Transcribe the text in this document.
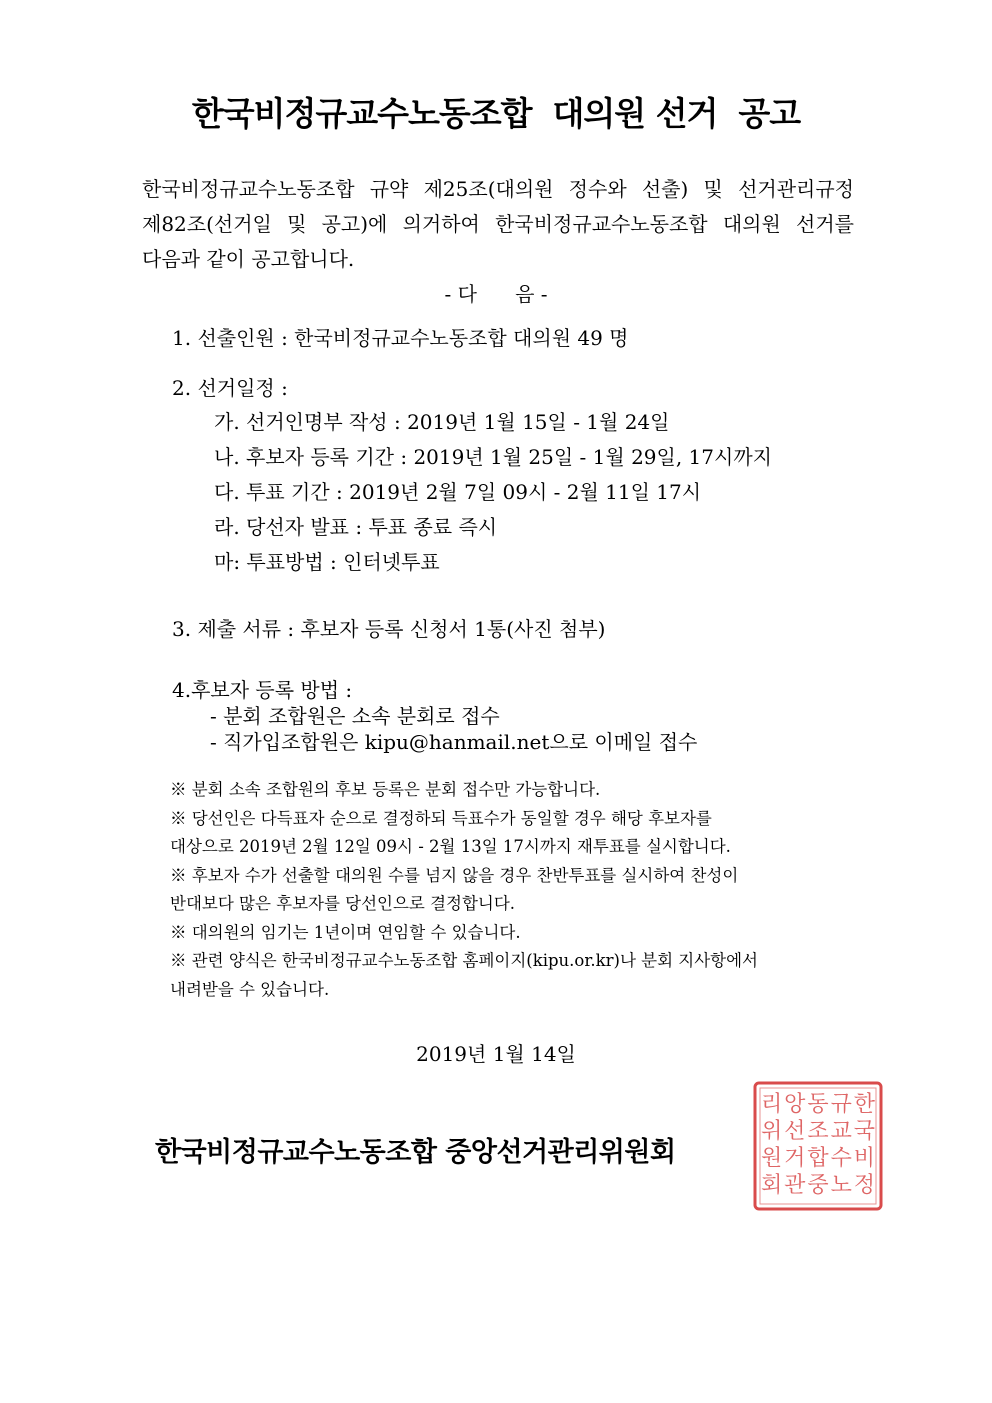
한국비정규교수노동조합  대의원 선거  공고
한국비정규교수노동조합 규약 제25조(대의원 정수와 선출) 및 선거관리규정
제82조(선거일 및 공고)에 의거하여 한국비정규교수노동조합 대의원 선거를
다음과 같이 공고합니다.
- 다      음 -
1. 선출인원 : 한국비정규교수노동조합 대의원 49 명
2. 선거일정 :
가. 선거인명부 작성 : 2019년 1월 15일 - 1월 24일
나. 후보자 등록 기간 : 2019년 1월 25일 - 1월 29일, 17시까지
다. 투표 기간 : 2019년 2월 7일 09시 - 2월 11일 17시
라. 당선자 발표 : 투표 종료 즉시
마: 투표방법 : 인터넷투표
3. 제출 서류 : 후보자 등록 신청서 1통(사진 첨부)
4.후보자 등록 방법 :
- 분회 조합원은 소속 분회로 접수
- 직가입조합원은 kipu@hanmail.net으로 이메일 접수
※ 분회 소속 조합원의 후보 등록은 분회 접수만 가능합니다.
※ 당선인은 다득표자 순으로 결정하되 득표수가 동일할 경우 해당 후보자를
대상으로 2019년 2월 12일 09시 - 2월 13일 17시까지 재투표를 실시합니다.
※ 후보자 수가 선출할 대의원 수를 넘지 않을 경우 찬반투표를 실시하여 찬성이
반대보다 많은 후보자를 당선인으로 결정합니다.
※ 대의원의 임기는 1년이며 연임할 수 있습니다.
※ 관련 양식은 한국비정규교수노동조합 홈페이지(kipu.or.kr)나 분회 지사항에서
내려받을 수 있습니다.
2019년 1월 14일
한국비정규교수노동조합 중앙선거관리위원회
한
국
비
정
규
교
수
노
동
조
합
중
앙
선
거
관
리
위
원
회
